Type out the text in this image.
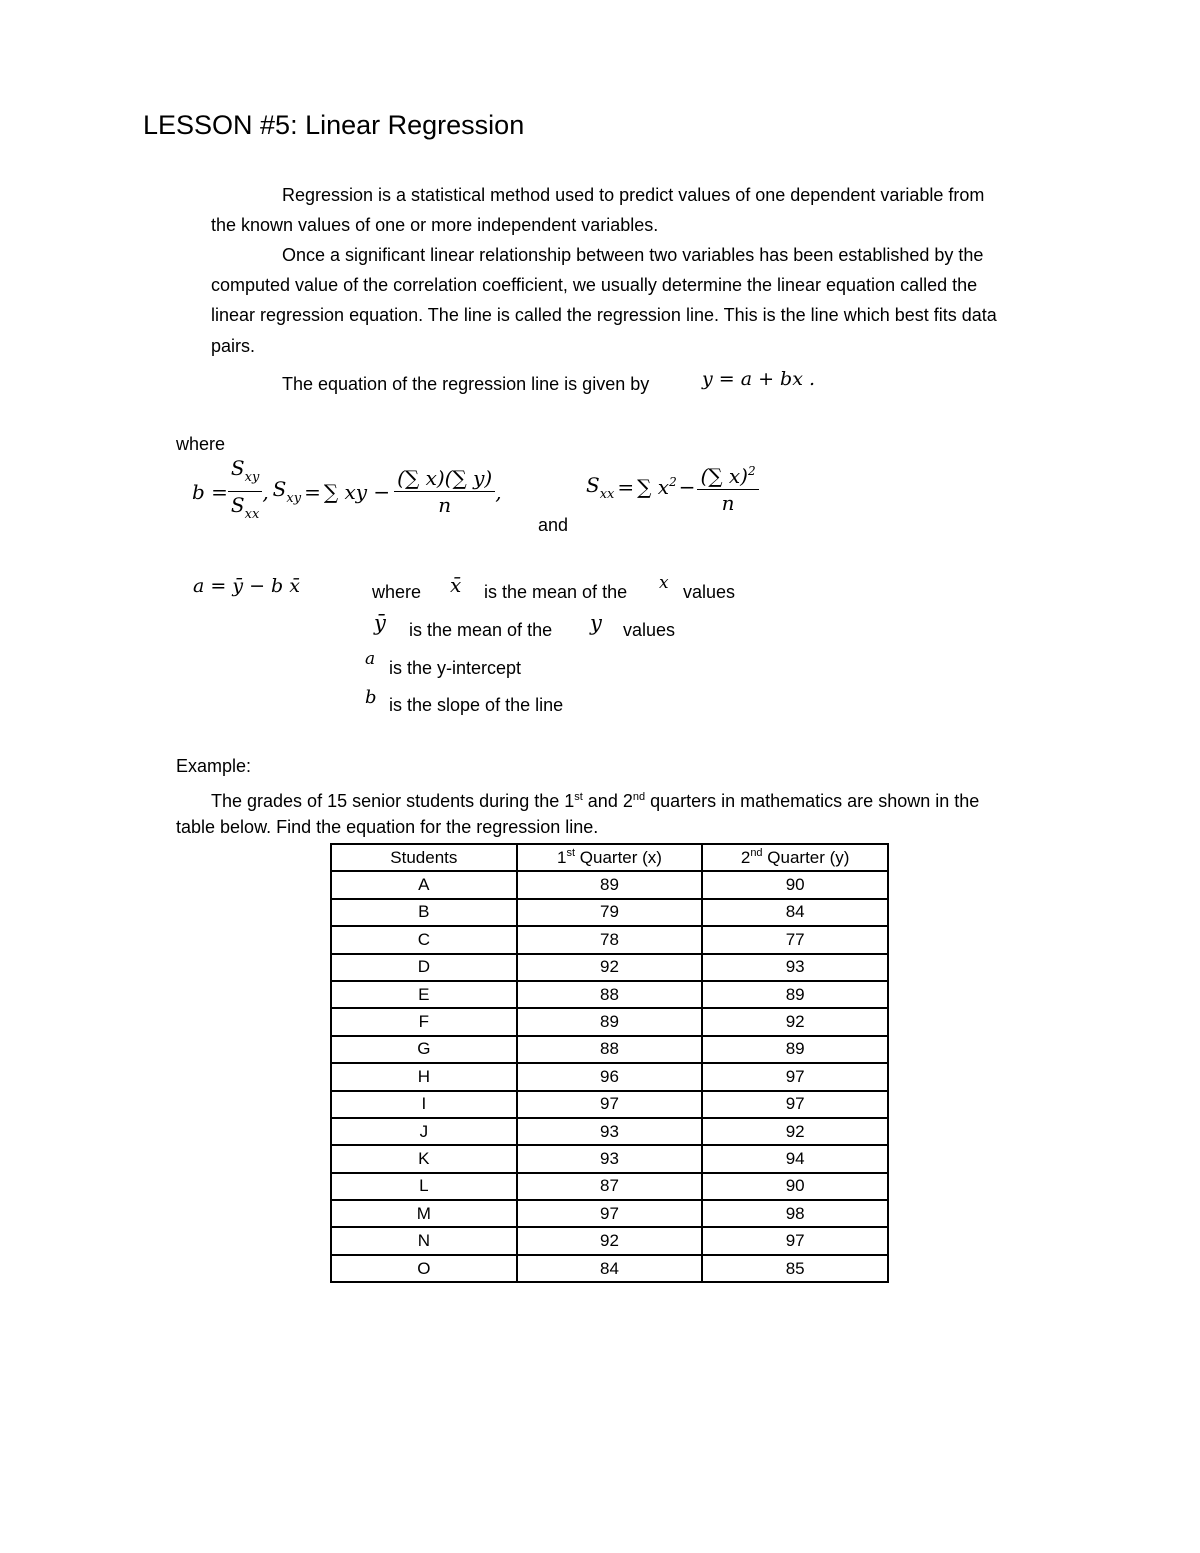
LESSON #5: Linear Regression
Regression is a statistical method used to predict values of one dependent variable from
the known values of one or more independent variables.
Once a significant linear relationship between two variables has been established by the
computed value of the correlation coefficient, we usually determine the linear equation called the
linear regression equation. The line is called the regression line. This is the line which best fits data
pairs.
The equation of the regression line is given by	y = a + bx .
where
$b = \frac{S_{xy}}{S_{xx}}$ , $S_{xy}$ = ∑ xy − $\frac{(\sum x)(\sum y)}{n}$ ,
and
$S_{xx}$ = ∑ $x^2 - \frac{(\sum x)^2}{n}$
a = ȳ − b x̄	where x̄ is the mean of the x values
ȳ is the mean of the y values
a is the y-intercept
b is the slope of the line
Example:
The grades of 15 senior students during the 1st and 2nd quarters in mathematics are shown in the
table below. Find the equation for the regression line.
Students	1st Quarter (x)	2nd Quarter (y)
A	89	90
B	79	84
C	78	77
D	92	93
E	88	89
F	89	92
G	88	89
H	96	97
I	97	97
J	93	92
K	93	94
L	87	90
M	97	98
N	92	97
O	84	85
